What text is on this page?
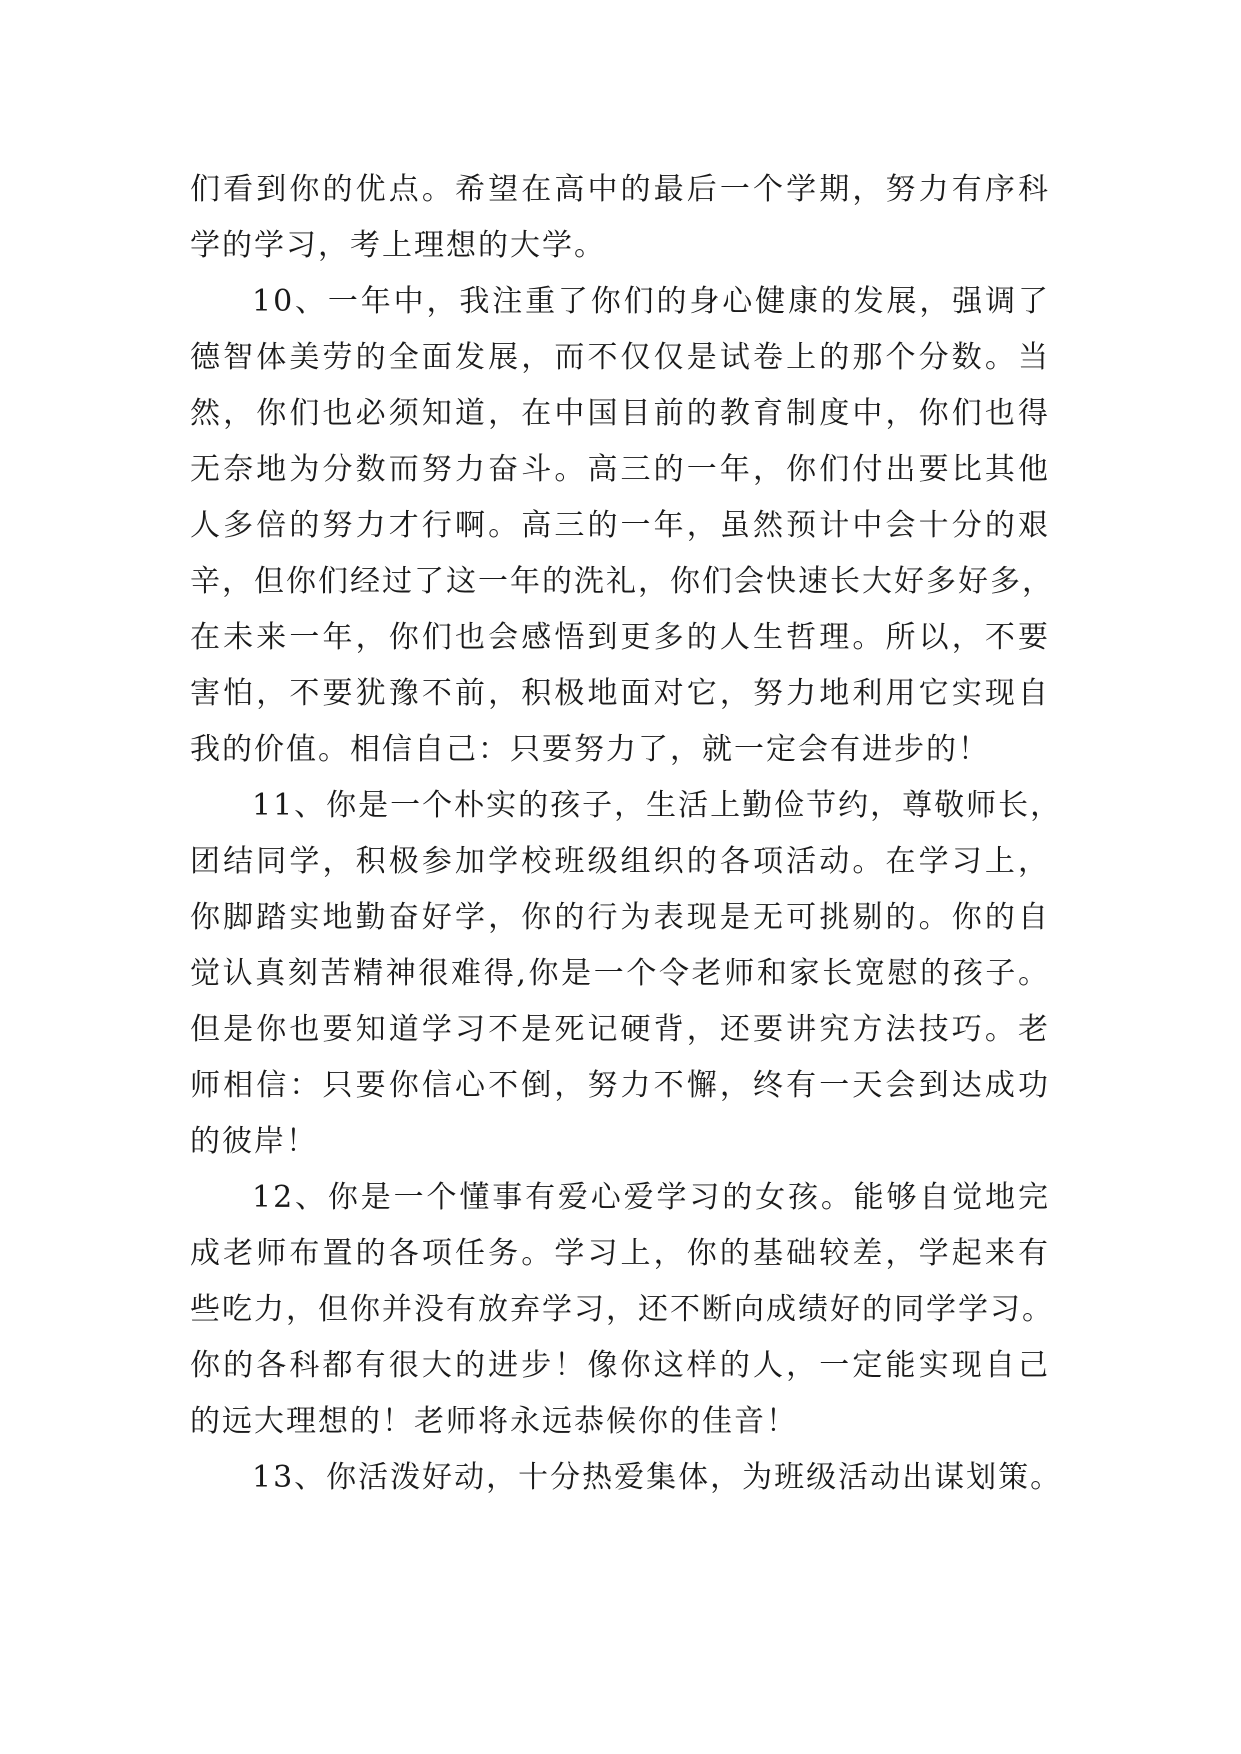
们看到你的优点。希望在高中的最后一个学期，努力有序科
学的学习，考上理想的大学。
10、一年中，我注重了你们的身心健康的发展，强调了
德智体美劳的全面发展，而不仅仅是试卷上的那个分数。当
然，你们也必须知道，在中国目前的教育制度中，你们也得
无奈地为分数而努力奋斗。高三的一年，你们付出要比其他
人多倍的努力才行啊。高三的一年，虽然预计中会十分的艰
辛，但你们经过了这一年的洗礼，你们会快速长大好多好多，
在未来一年，你们也会感悟到更多的人生哲理。所以，不要
害怕，不要犹豫不前，积极地面对它，努力地利用它实现自
我的价值。相信自己：只要努力了，就一定会有进步的！
11、你是一个朴实的孩子，生活上勤俭节约，尊敬师长，
团结同学，积极参加学校班级组织的各项活动。在学习上，
你脚踏实地勤奋好学，你的行为表现是无可挑剔的。你的自
觉认真刻苦精神很难得,你是一个令老师和家长宽慰的孩子。
但是你也要知道学习不是死记硬背，还要讲究方法技巧。老
师相信：只要你信心不倒，努力不懈，终有一天会到达成功
的彼岸！
12、你是一个懂事有爱心爱学习的女孩。能够自觉地完
成老师布置的各项任务。学习上，你的基础较差，学起来有
些吃力，但你并没有放弃学习，还不断向成绩好的同学学习。
你的各科都有很大的进步！像你这样的人，一定能实现自己
的远大理想的！老师将永远恭候你的佳音！
13、你活泼好动，十分热爱集体，为班级活动出谋划策。
